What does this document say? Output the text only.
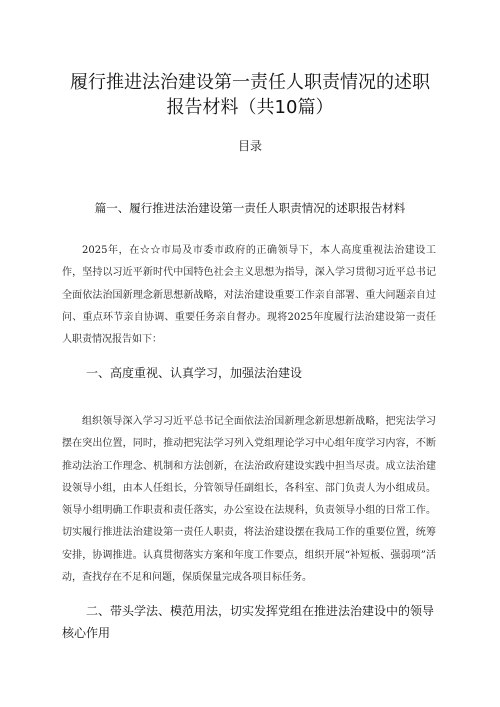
履行推进法治建设第一责任人职责情况的述职
报告材料（共10篇）
目录
篇一、履行推进法治建设第一责任人职责情况的述职报告材料

2025年，在☆☆市局及市委市政府的正确领导下，本人高度重视法治建设工作，坚持以习近平新时代中国特色社会主义思想为指导，深入学习贯彻习近平总书记全面依法治国新理念新思想新战略，对法治建设重要工作亲自部署、重大问题亲自过问、重点环节亲自协调、重要任务亲自督办。现将2025年度履行法治建设第一责任人职责情况报告如下：

一、高度重视、认真学习，加强法治建设

组织领导深入学习习近平总书记全面依法治国新理念新思想新战略，把宪法学习摆在突出位置，同时，推动把宪法学习列入党组理论学习中心组年度学习内容，不断推动法治工作理念、机制和方法创新，在法治政府建设实践中担当尽责。成立法治建设领导小组，由本人任组长，分管领导任副组长，各科室、部门负责人为小组成员。领导小组明确工作职责和责任落实，办公室设在法规科，负责领导小组的日常工作。切实履行推进法治建设第一责任人职责，将法治建设摆在我局工作的重要位置，统筹安排，协调推进。认真贯彻落实方案和年度工作要点，组织开展“补短板、强弱项”活动，查找存在不足和问题，保质保量完成各项目标任务。

二、带头学法、模范用法，切实发挥党组在推进法治建设中的领导核心作用
